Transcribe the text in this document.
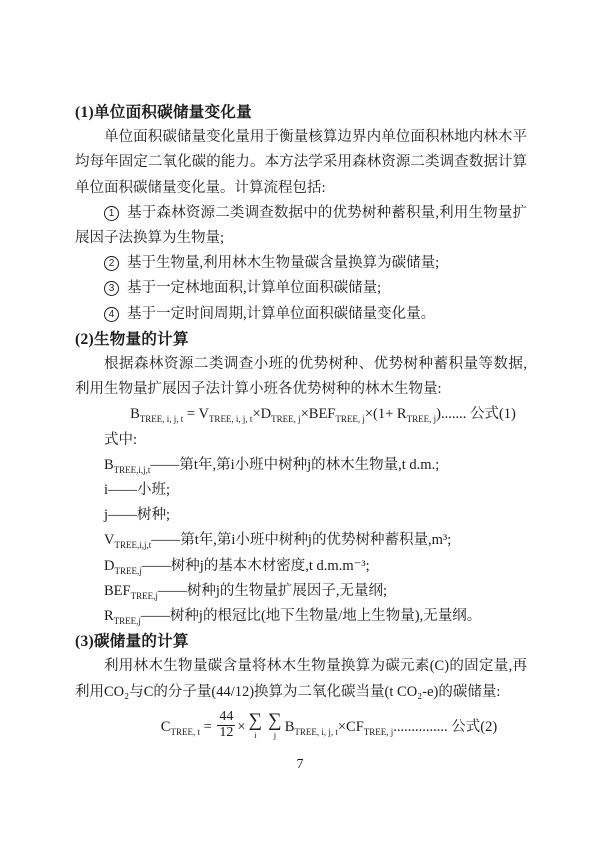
(1)单位面积碳储量变化量

单位面积碳储量变化量用于衡量核算边界内单位面积林地内林木平均每年固定二氧化碳的能力。本方法学采用森林资源二类调查数据计算单位面积碳储量变化量。计算流程包括:

1 基于森林资源二类调查数据中的优势树种蓄积量,利用生物量扩展因子法换算为生物量;

2 基于生物量,利用林木生物量碳含量换算为碳储量;

3 基于一定林地面积,计算单位面积碳储量;

4 基于一定时间周期,计算单位面积碳储量变化量。

(2)生物量的计算

根据森林资源二类调查小班的优势树种、优势树种蓄积量等数据,利用生物量扩展因子法计算小班各优势树种的林木生物量:

$B_{TREE, i, j, t} = V_{TREE, i, j, t}\times D_{TREE, j}\times BEF_{TREE, j}\times(1+ R_{TREE, j})$....... 公式(1)

式中:

$B_{TREE,i,j,t}——$第t年,第i小班中树种j的林木生物量,t d.m.;

i——小班;

j——树种;

$V_{TREE,i,j,t}——$第t年,第i小班中树种j的优势树种蓄积量,m³;

$D_{TREE,j}——$树种j的基本木材密度,t d.m.m⁻³;

$BEF_{TREE,j}——$树种j的生物量扩展因子,无量纲;

$R_{TREE,j}——$树种j的根冠比(地下生物量/地上生物量),无量纲。

(3)碳储量的计算

利用林木生物量碳含量将林木生物量换算为碳元素(C)的固定量,再利用CO₂与C的分子量(44/12)换算为二氧化碳当量(t CO₂-e)的碳储量:

$C_{TREE, t} = \frac{44}{12}$ × ∑
i
∑
j
$B_{TREE, i, j, t}\times CF_{TREE, j}$............... 公式(2)

7
